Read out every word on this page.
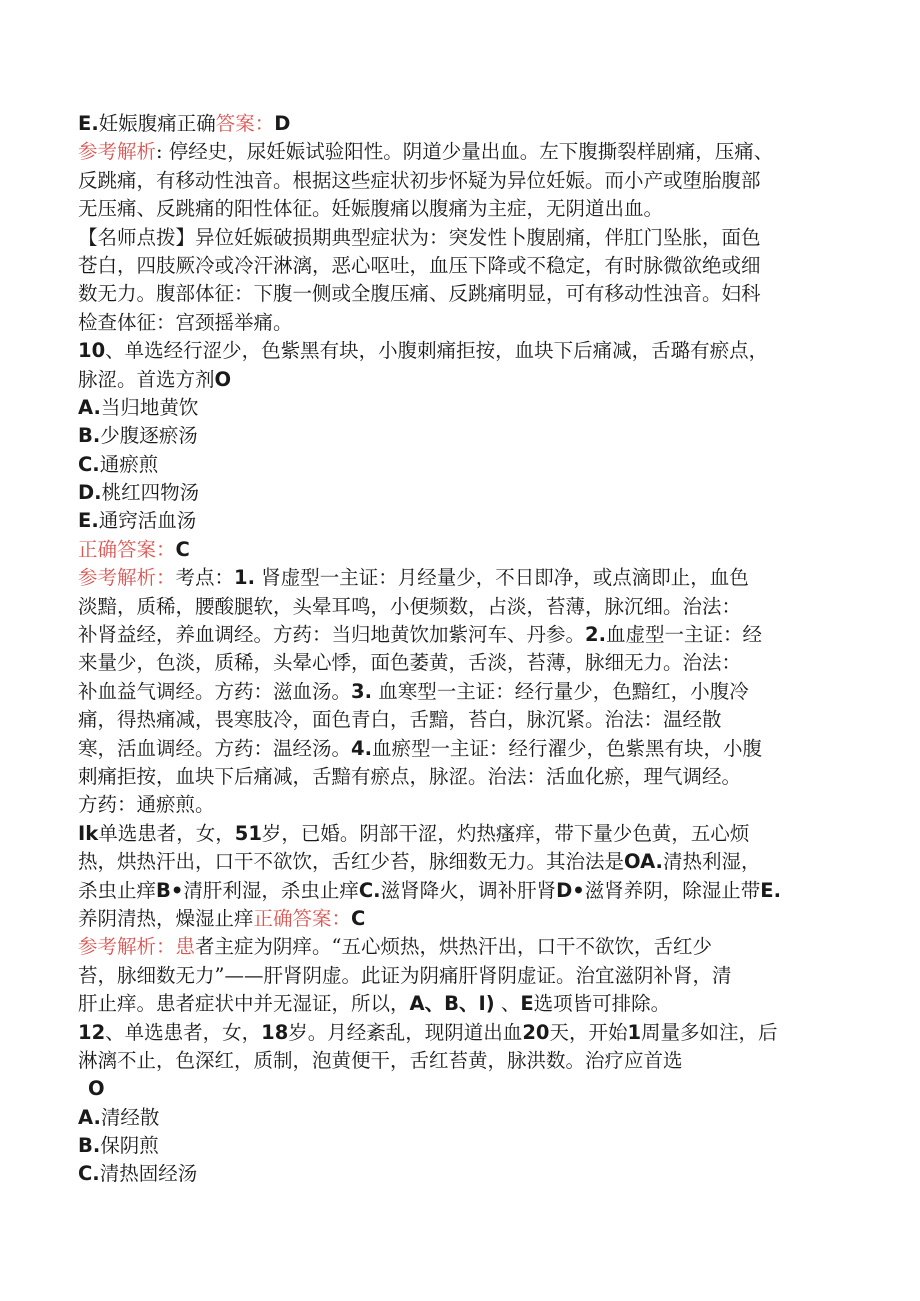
E.妊娠腹痛正确答案：D
参考解析: 停经史，尿妊娠试验阳性。阴道少量出血。左下腹撕裂样剧痛，压痛、
反跳痛，有移动性浊音。根据这些症状初步怀疑为异位妊娠。而小产或堕胎腹部
无压痛、反跳痛的阳性体征。妊娠腹痛以腹痛为主症，无阴道出血。
【名师点拨】异位妊娠破损期典型症状为：突发性卜腹剧痛，伴肛门坠胀，面色
苍白，四肢厥冷或冷汗淋漓，恶心呕吐，血压下降或不稳定，有时脉微欲绝或细
数无力。腹部体征：下腹一侧或全腹压痛、反跳痛明显，可有移动性浊音。妇科
检查体征：宫颈摇举痛。
10、单选经行涩少，色紫黑有块，小腹刺痛拒按，血块下后痛减，舌璐有瘀点，
脉涩。首选方剂O
A.当归地黄饮
B.少腹逐瘀汤
C.通瘀煎
D.桃红四物汤
E.通窍活血汤
正确答案：C
参考解析：考点：1. 肾虚型一主证：月经量少，不日即净，或点滴即止，血色
淡黯，质稀，腰酸腿软，头晕耳鸣，小便频数，占淡，苔薄，脉沉细。治法：
补肾益经，养血调经。方药：当归地黄饮加紫河车、丹参。2.血虚型一主证：经
来量少，色淡，质稀，头晕心悸，面色萎黄，舌淡，苔薄，脉细无力。治法：
补血益气调经。方药：滋血汤。3. 血寒型一主证：经行量少，色黯红，小腹冷
痛，得热痛减，畏寒肢冷，面色青白，舌黯，苔白，脉沉紧。治法：温经散
寒，活血调经。方药：温经汤。4.血瘀型一主证：经行濯少，色紫黑有块，小腹
刺痛拒按，血块下后痛减，舌黯有瘀点，脉涩。治法：活血化瘀，理气调经。
方药：通瘀煎。
Ik单选患者，女，51岁，已婚。阴部干涩，灼热瘙痒，带下量少色黄，五心烦
热，烘热汗出，口干不欲饮，舌红少苔，脉细数无力。其治法是OA.清热利湿，
杀虫止痒B•清肝利湿，杀虫止痒C.滋肾降火，调补肝肾D•滋肾养阴，除湿止带E.
养阴清热，燥湿止痒正确答案：C
参考解析：患者主症为阴痒。“五心烦热，烘热汗出，口干不欲饮，舌红少
苔，脉细数无力”——肝肾阴虚。此证为阴痛肝肾阴虚证。治宜滋阴补肾，清
肝止痒。患者症状中并无湿证，所以，A、B、I) 、E选项皆可排除。
12、单选患者，女，18岁。月经紊乱，现阴道出血20天，开始1周量多如注，后
淋漓不止，色深红，质制，泡黄便干，舌红苔黄，脉洪数。治疗应首选
O
A.清经散
B.保阴煎
C.清热固经汤
